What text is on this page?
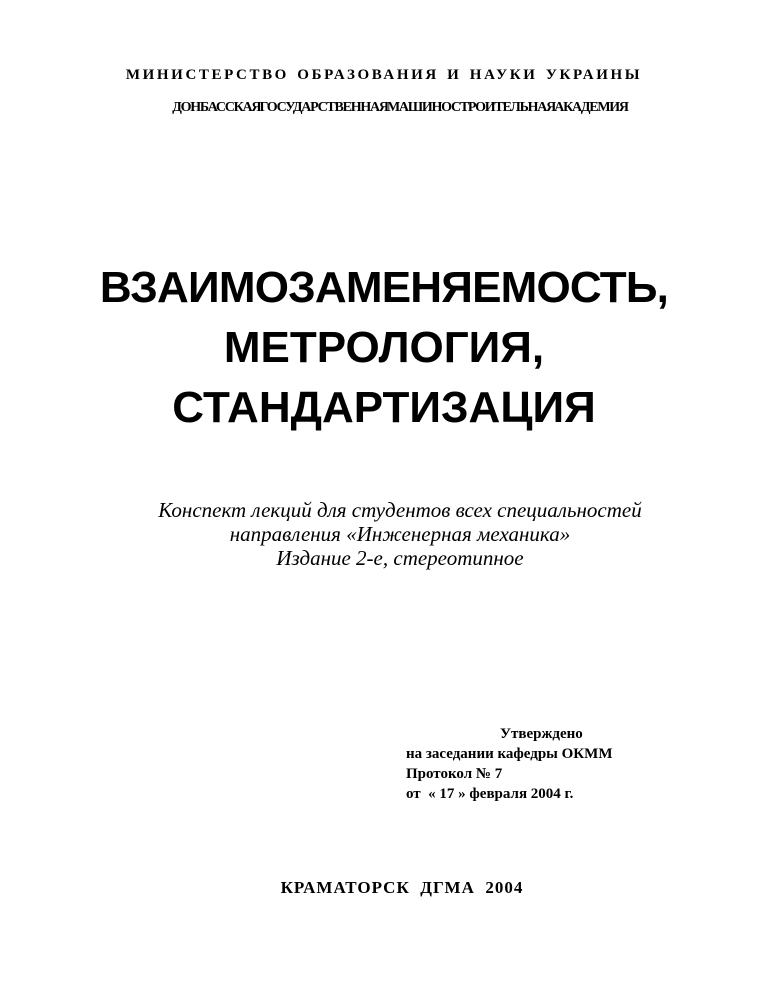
МИНИСТЕРСТВО ОБРАЗОВАНИЯ И НАУКИ УКРАИНЫ
ДОНБАССКАЯ ГОСУДАРСТВЕННАЯ МАШИНОСТРОИТЕЛЬНАЯ АКАДЕМИЯ
ВЗАИМОЗАМЕНЯЕМОСТЬ,
МЕТРОЛОГИЯ,
СТАНДАРТИЗАЦИЯ
Конспект лекций для студентов всех специальностей
направления «Инженерная механика»
Издание 2-е, стереотипное
Утверждено
на заседании кафедры ОКММ
Протокол № 7
от  « 17 » февраля 2004 г.
КРАМАТОРСК  ДГМА  2004
